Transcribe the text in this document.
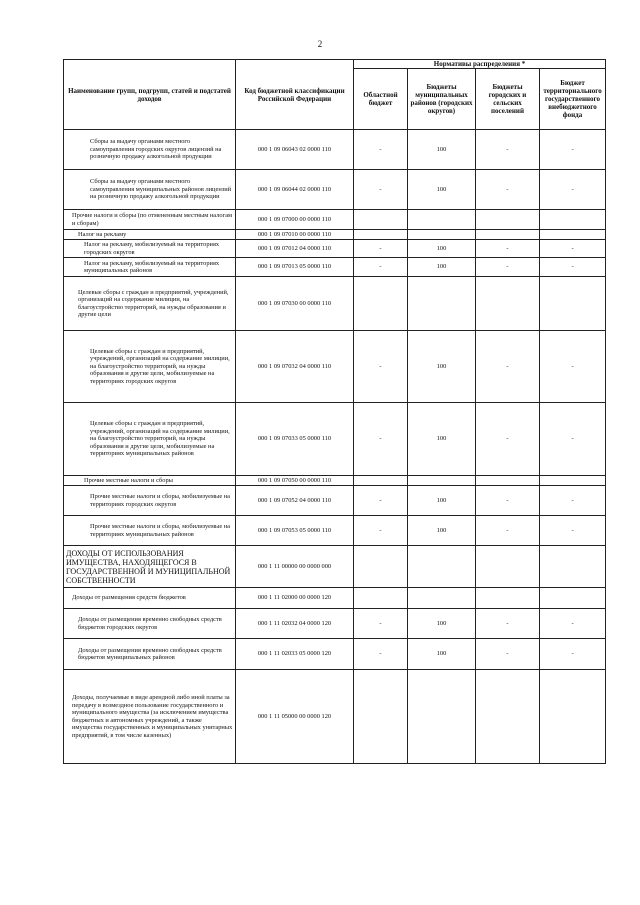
2
Наименование групп, подгрупп, статей и подстатей доходов	Код бюджетной классификации Российской Федерации	Нормативы распределения *			
		Областной бюджет	Бюджеты муниципальных районов (городских округов)	Бюджеты городских и сельских поселений	Бюджет территориального государственного внебюджетного фонда
Сборы за выдачу органами местного самоуправления городских округов лицензий на розничную продажу алкогольной продукции	000 1 09 06043 02 0000 110	-	100	-	-
Сборы за выдачу органами местного самоуправления муниципальных районов лицензий на розничную продажу алкогольной продукции	000 1 09 06044 02 0000 110	-	100	-	-
Прочие налоги и сборы (по отмененным местным налогам и сборам)	000 1 09 07000 00 0000 110				
Налог на рекламу	000 1 09 07010 00 0000 110				
Налог на рекламу, мобилизуемый на территориях городских округов	000 1 09 07012 04 0000 110	-	100	-	-
Налог на рекламу, мобилизуемый на территориях муниципальных районов	000 1 09 07013 05 0000 110	-	100	-	-
Целевые сборы с граждан и предприятий, учреждений, организаций на содержание милиции, на благоустройство территорий, на нужды образования и другие цели	000 1 09 07030 00 0000 110				
Целевые сборы с граждан и предприятий, учреждений, организаций на содержание милиции, на благоустройство территорий, на нужды образования и другие цели, мобилизуемые на территориях городских округов	000 1 09 07032 04 0000 110	-	100	-	-
Целевые сборы с граждан и предприятий, учреждений, организаций на содержание милиции, на благоустройство территорий, на нужды образования и другие цели, мобилизуемые на территориях муниципальных районов	000 1 09 07033 05 0000 110	-	100	-	-
Прочие местные налоги и сборы	000 1 09 07050 00 0000 110				
Прочие местные налоги и сборы, мобилизуемые на территориях городских округов	000 1 09 07052 04 0000 110	-	100	-	-
Прочие местные налоги и сборы, мобилизуемые на территориях муниципальных районов	000 1 09 07053 05 0000 110	-	100	-	-
ДОХОДЫ ОТ ИСПОЛЬЗОВАНИЯ ИМУЩЕСТВА, НАХОДЯЩЕГОСЯ В ГОСУДАРСТВЕННОЙ И МУНИЦИПАЛЬНОЙ СОБСТВЕННОСТИ	000 1 11 00000 00 0000 000				
Доходы от размещения средств бюджетов	000 1 11 02000 00 0000 120				
Доходы от размещения временно свободных средств бюджетов городских округов	000 1 11 02032 04 0000 120	-	100	-	-
Доходы от размещения временно свободных средств бюджетов муниципальных районов	000 1 11 02033 05 0000 120	-	100	-	-
Доходы, получаемые в виде арендной либо иной платы за передачу в возмездное пользование государственного и муниципального имущества (за исключением имущества бюджетных и автономных учреждений, а также имущества государственных и муниципальных унитарных предприятий, в том числе казенных)	000 1 11 05000 00 0000 120				
